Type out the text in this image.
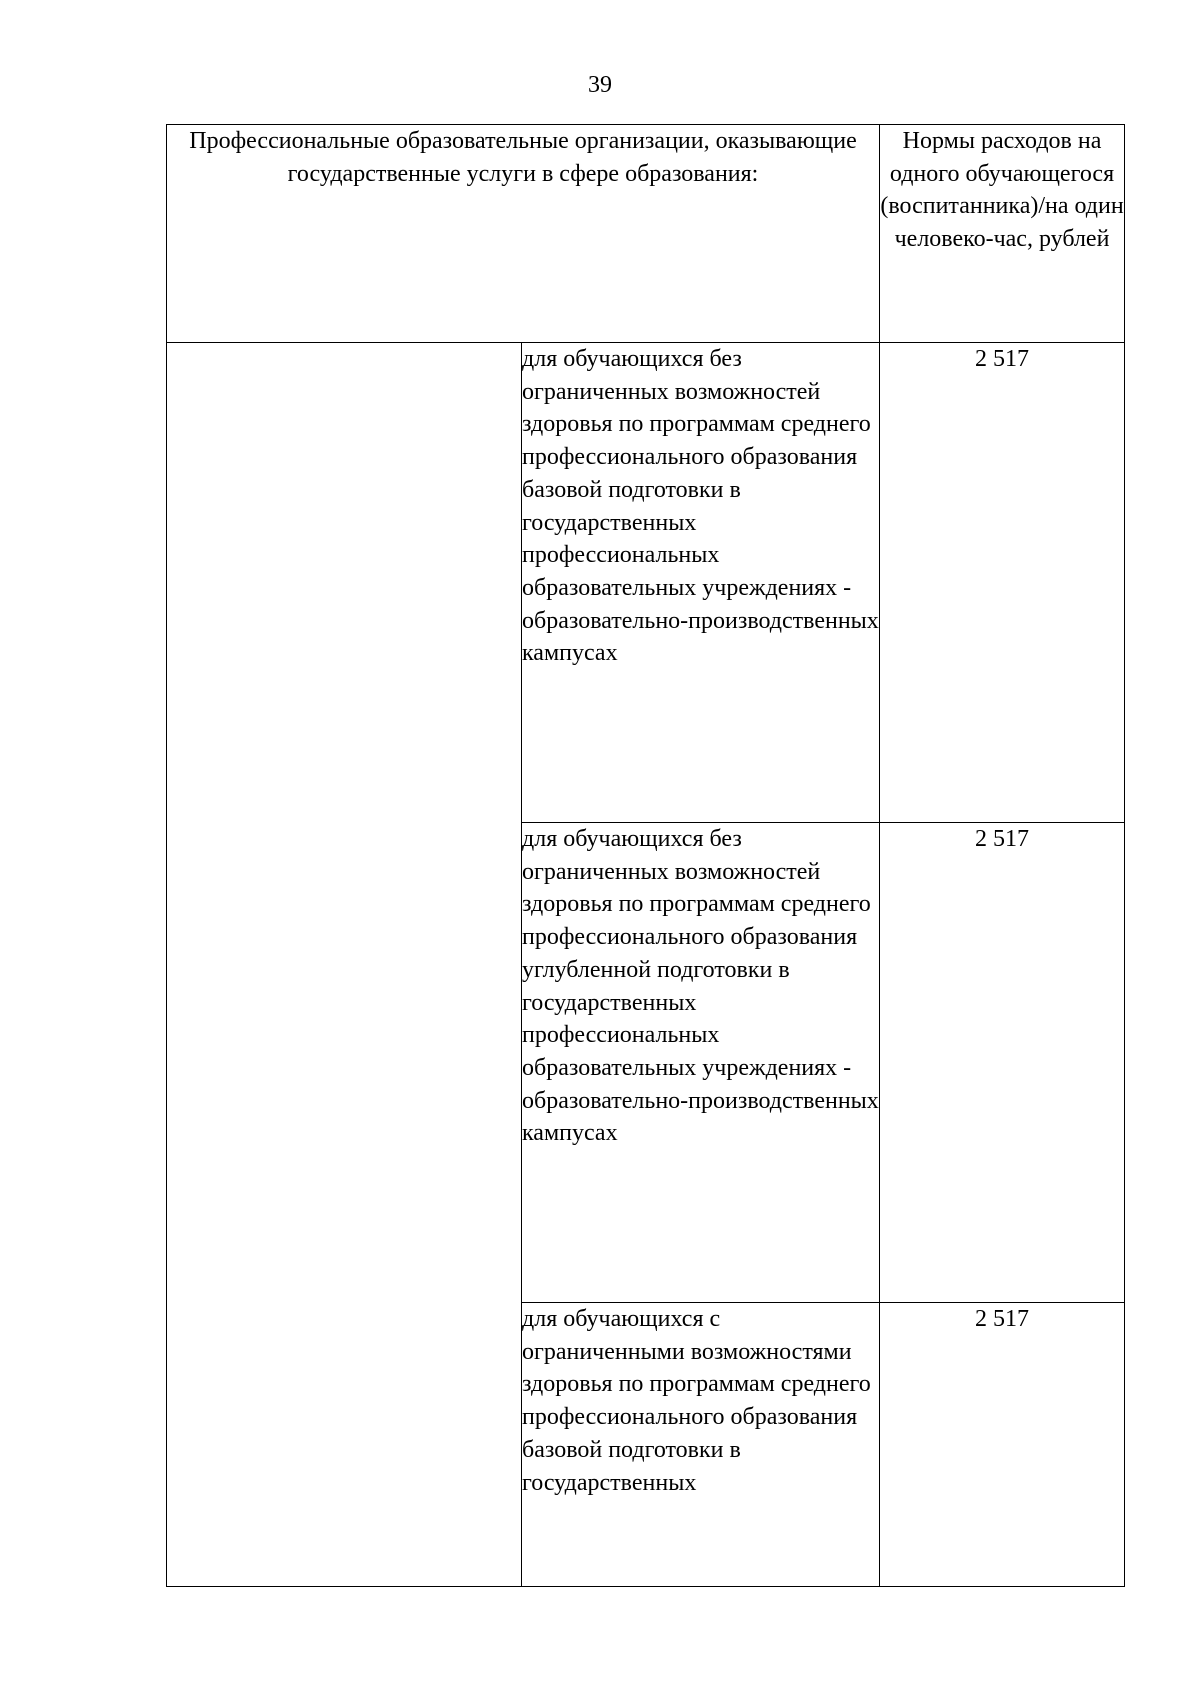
39
Профессиональные образовательные организации, оказывающие государственные услуги в сфере образования:		Нормы расходов на одного обучающегося (воспитанника)/на один человеко-час, рублей
	для обучающихся без ограниченных возможностей здоровья по программам среднего профессионального образования базовой подготовки в государственных профессиональных образовательных учреждениях - образовательно-производственных кампусах	2 517
	для обучающихся без ограниченных возможностей здоровья по программам среднего профессионального образования углубленной подготовки в государственных профессиональных образовательных учреждениях - образовательно-производственных кампусах	2 517
	для обучающихся с ограниченными возможностями здоровья по программам среднего профессионального образования базовой подготовки в государственных	2 517
